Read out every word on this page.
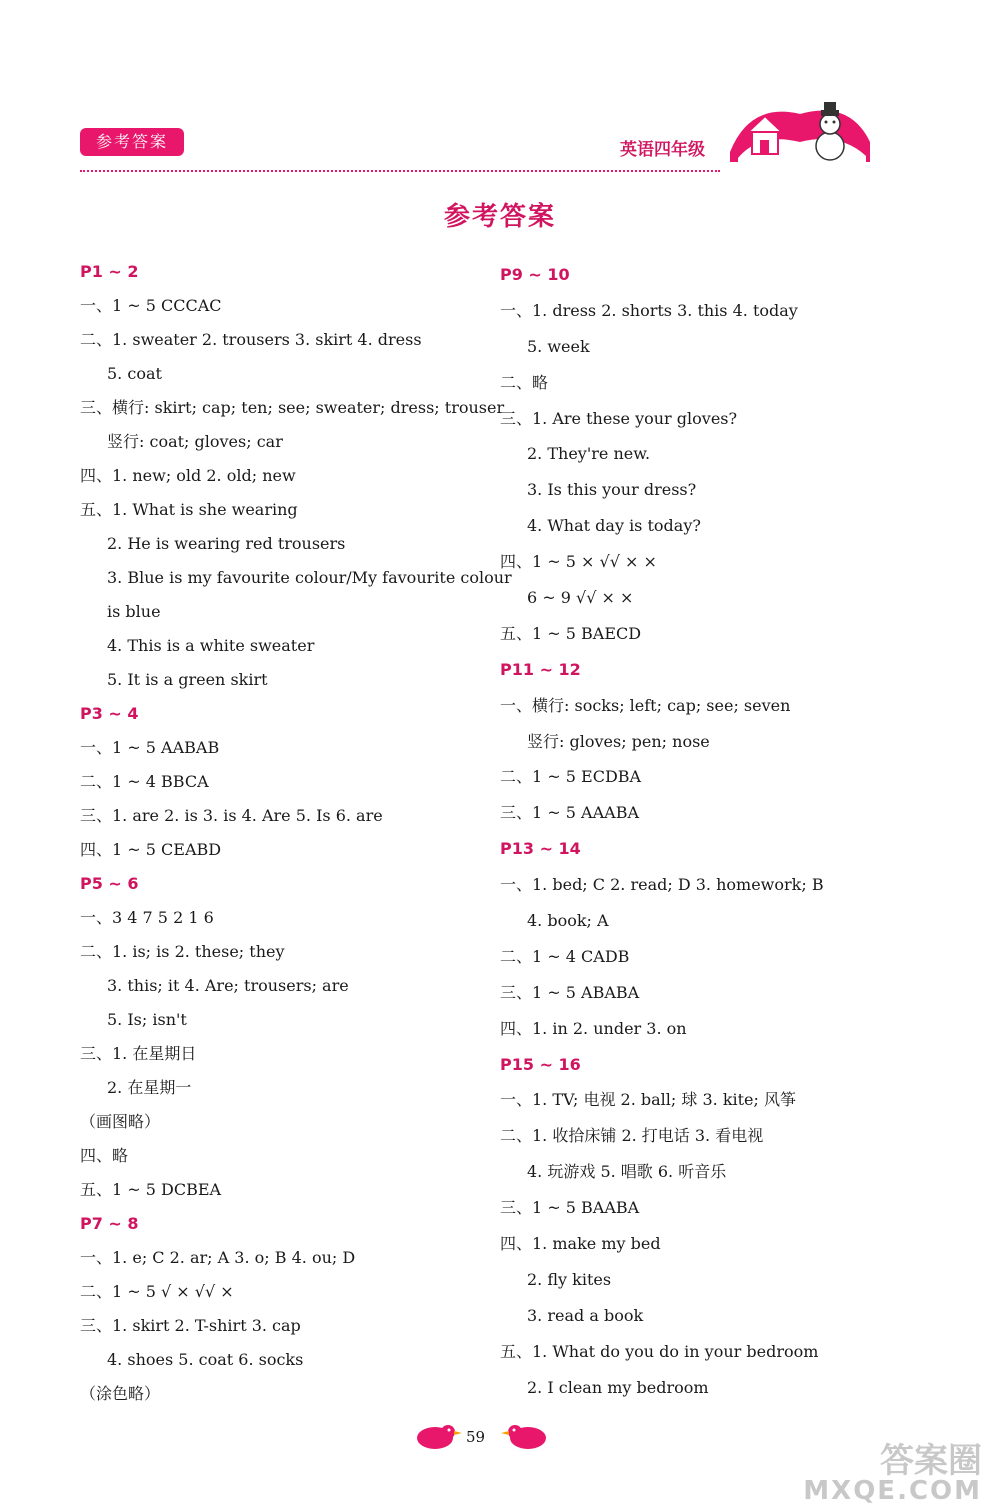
参考答案	英语四年级
参考答案
P1 ~ 2
一、1 ~ 5 CCCAC
二、1. sweater 2. trousers 3. skirt 4. dress
5. coat
三、横行: skirt; cap; ten; see; sweater; dress; trouser
竖行: coat; gloves; car
四、1. new; old 2. old; new
五、1. What is she wearing
2. He is wearing red trousers
3. Blue is my favourite colour/My favourite colour
is blue
4. This is a white sweater
5. It is a green skirt
P3 ~ 4
一、1 ~ 5 AABAB
二、1 ~ 4 BBCA
三、1. are 2. is 3. is 4. Are 5. Is 6. are
四、1 ~ 5 CEABD
P5 ~ 6
一、3 4 7 5 2 1 6
二、1. is; is 2. these; they
3. this; it 4. Are; trousers; are
5. Is; isn't
三、1. 在星期日
2. 在星期一
（画图略）
四、略
五、1 ~ 5 DCBEA
P7 ~ 8
一、1. e; C 2. ar; A 3. o; B 4. ou; D
二、1 ~ 5 √ × √√ ×
三、1. skirt 2. T-shirt 3. cap
4. shoes 5. coat 6. socks
（涂色略）
P9 ~ 10
一、1. dress 2. shorts 3. this 4. today
5. week
二、略
三、1. Are these your gloves?
2. They're new.
3. Is this your dress?
4. What day is today?
四、1 ~ 5 × √√ × ×
6 ~ 9 √√ × ×
五、1 ~ 5 BAECD
P11 ~ 12
一、横行: socks; left; cap; see; seven
竖行: gloves; pen; nose
二、1 ~ 5 ECDBA
三、1 ~ 5 AAABA
P13 ~ 14
一、1. bed; C 2. read; D 3. homework; B
4. book; A
二、1 ~ 4 CADB
三、1 ~ 5 ABABA
四、1. in 2. under 3. on
P15 ~ 16
一、1. TV; 电视 2. ball; 球 3. kite; 风筝
二、1. 收拾床铺 2. 打电话 3. 看电视
4. 玩游戏 5. 唱歌 6. 听音乐
三、1 ~ 5 BAABA
四、1. make my bed
2. fly kites
3. read a book
五、1. What do you do in your bedroom
2. I clean my bedroom
59
答案圈
MXQE.COM
